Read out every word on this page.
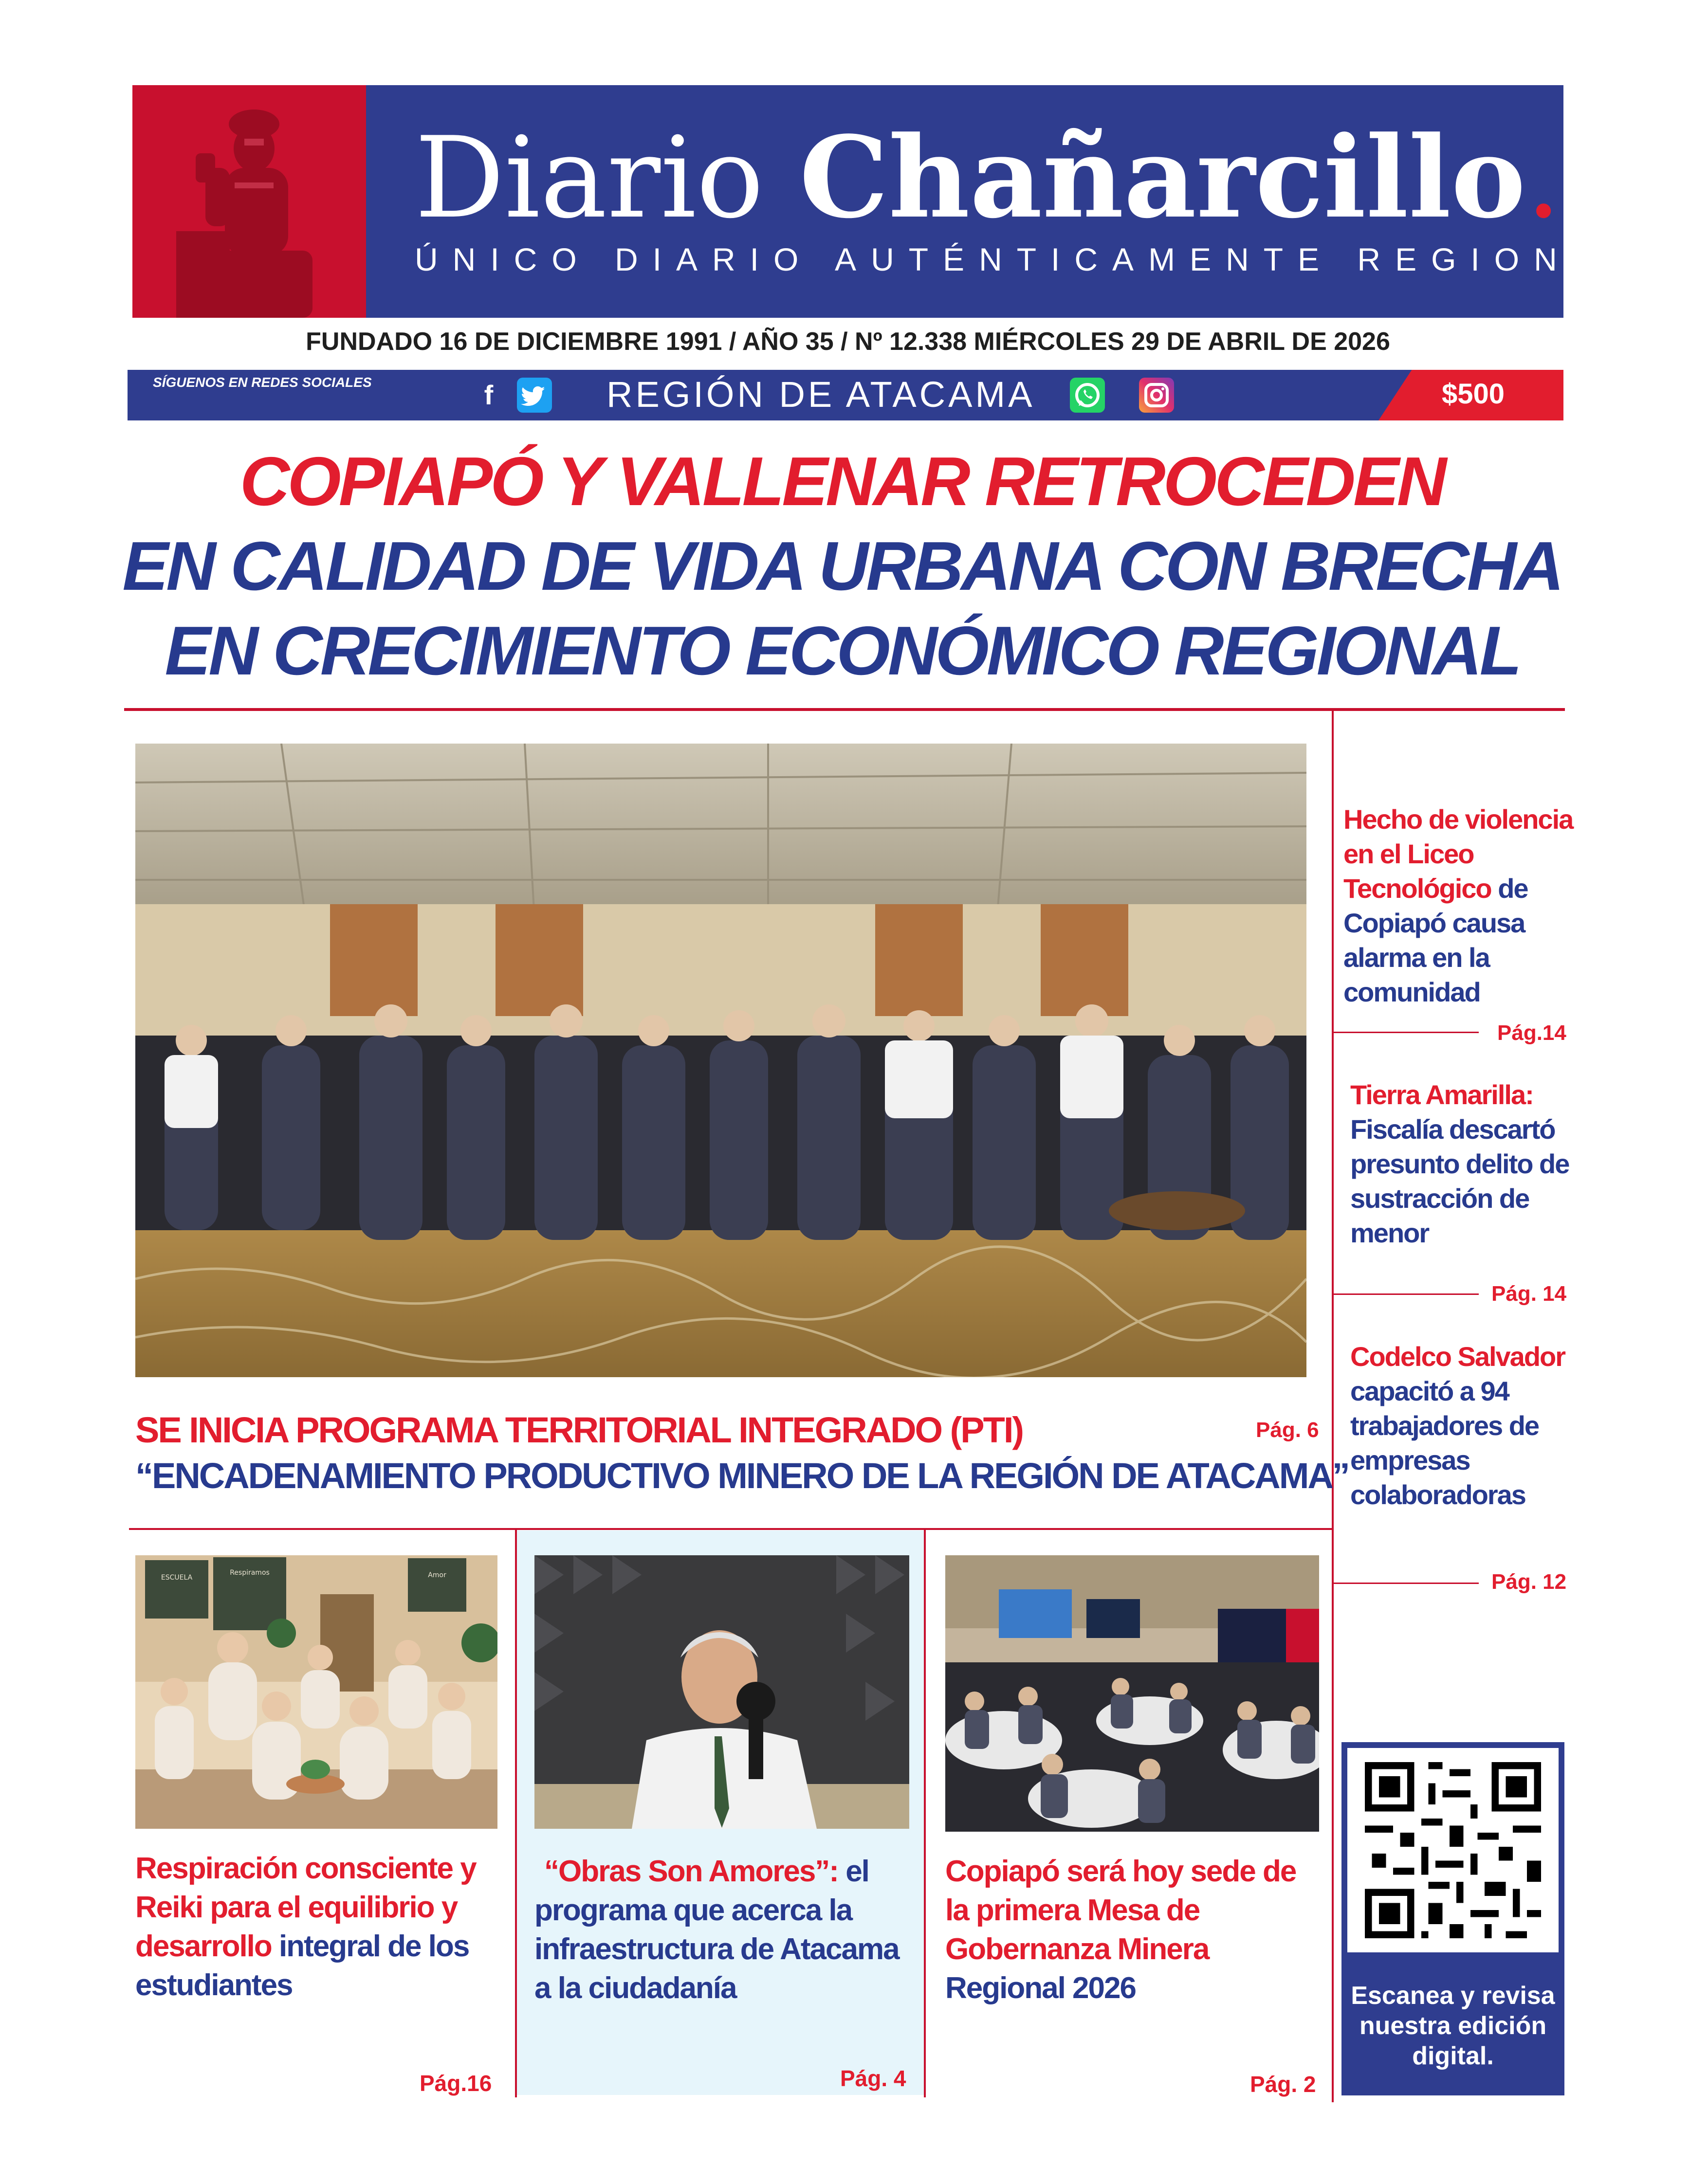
Diario Chañarcillo.
ÚNICO DIARIO AUTÉNTICAMENTE REGIONAL
FUNDADO 16 DE DICIEMBRE 1991 / AÑO 35 / Nº 12.338 MIÉRCOLES 29 DE ABRIL DE 2026
SÍGUENOS EN REDES SOCIALES	f	REGIÓN DE ATACAMA	$500
COPIAPÓ Y VALLENAR RETROCEDEN
EN CALIDAD DE VIDA URBANA CON BRECHA
EN CRECIMIENTO ECONÓMICO REGIONAL
SE INICIA PROGRAMA TERRITORIAL INTEGRADO (PTI)
“ENCADENAMIENTO PRODUCTIVO MINERO DE LA REGIÓN DE ATACAMA”
Pág. 6
Hecho de violencia en el Liceo Tecnológico de Copiapó causa alarma en la comunidad
Pág.14
Tierra Amarilla: Fiscalía descartó presunto delito de sustracción de menor
Pág. 14
Codelco Salvador capacitó a 94 trabajadores de empresas colaboradoras
Pág. 12
ESCUELA
Respiramos	Amor
Respiración consciente y Reiki para el equilibrio y desarrollo integral de los estudiantes
Pág.16
“Obras Son Amores”: el programa que acerca la infraestructura de Atacama a la ciudadanía
Pág. 4
Copiapó será hoy sede de la primera Mesa de Gobernanza Minera Regional 2026
Pág. 2
Escanea y revisa nuestra edición digital.
